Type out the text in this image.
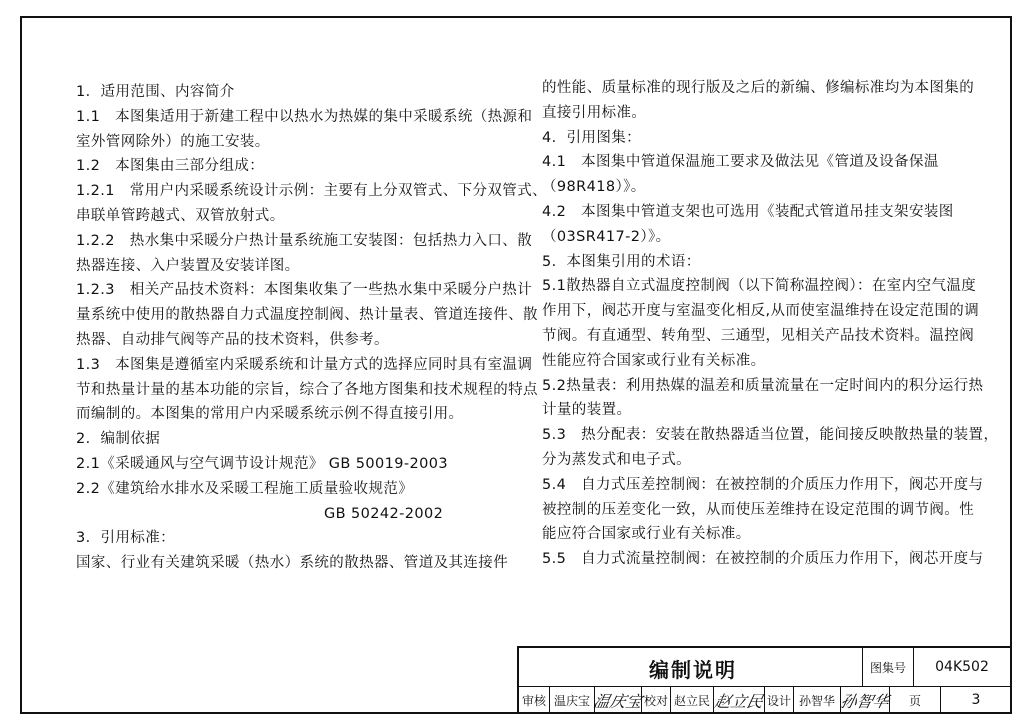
1．适用范围、内容简介

1.1　本图集适用于新建工程中以热水为热媒的集中采暖系统（热源和

室外管网除外）的施工安装。

1.2　本图集由三部分组成：

1.2.1　常用户内采暖系统设计示例：主要有上分双管式、下分双管式、

串联单管跨越式、双管放射式。

1.2.2　热水集中采暖分户热计量系统施工安装图：包括热力入口、散

热器连接、入户装置及安装详图。

1.2.3　相关产品技术资料：本图集收集了一些热水集中采暖分户热计

量系统中使用的散热器自力式温度控制阀、热计量表、管道连接件、散

热器、自动排气阀等产品的技术资料，供参考。

1.3　本图集是遵循室内采暖系统和计量方式的选择应同时具有室温调

节和热量计量的基本功能的宗旨，综合了各地方图集和技术规程的特点

而编制的。本图集的常用户内采暖系统示例不得直接引用。

2．编制依据

2.1《采暖通风与空气调节设计规范》 GB 50019-2003

2.2《建筑给水排水及采暖工程施工质量验收规范》

GB 50242-2002

3．引用标准：

国家、行业有关建筑采暖（热水）系统的散热器、管道及其连接件

的性能、质量标准的现行版及之后的新编、修编标准均为本图集的

直接引用标准。

4．引用图集：

4.1　本图集中管道保温施工要求及做法见《管道及设备保温

（98R418）》。

4.2　本图集中管道支架也可选用《装配式管道吊挂支架安装图

（03SR417-2）》。

5．本图集引用的术语：

5.1散热器自立式温度控制阀（以下简称温控阀）：在室内空气温度

作用下，阀芯开度与室温变化相反,从而使室温维持在设定范围的调

节阀。有直通型、转角型、三通型，见相关产品技术资料。温控阀

性能应符合国家或行业有关标准。

5.2热量表：利用热媒的温差和质量流量在一定时间内的积分运行热

计量的装置。

5.3　热分配表：安装在散热器适当位置，能间接反映散热量的装置，

分为蒸发式和电子式。

5.4　自力式压差控制阀：在被控制的介质压力作用下，阀芯开度与

被控制的压差变化一致，从而使压差维持在设定范围的调节阀。性

能应符合国家或行业有关标准。

5.5　自力式流量控制阀：在被控制的介质压力作用下，阀芯开度与

编制说明	图集号	04K502
审核 温庆宝 温庆宝 校对 赵立民 赵立民 设计 孙智华 孙智华	页	3
